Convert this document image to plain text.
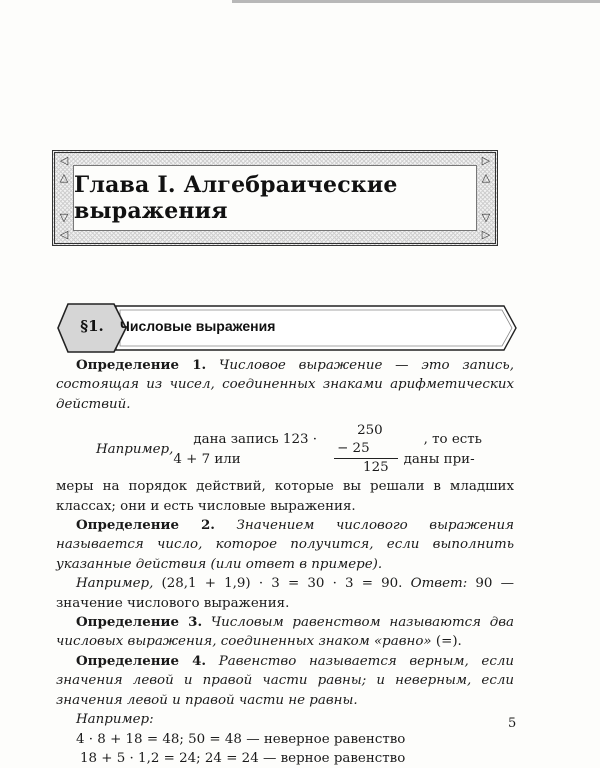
◁
△
▷
△
▽
◁
▽
▷
Глава I. Алгебраические выражения
§1.	Числовые выражения

Определение 1. Числовое выражение — это запись, состоящая из чисел, соединенных знаками арифметических действий.

Например,
дана запись 123 · 4 + 7 или	$\frac{250 - 25}{125}$	, то есть даны при-

меры на порядок действий, которые вы решали в младших классах; они и есть числовые выражения.

Определение 2. Значением числового выражения называется число, которое получится, если выполнить указанные действия (или ответ в примере).

Например, (28,1 + 1,9) · 3 = 30 · 3 = 90. Ответ: 90 — значение числового выражения.

Определение 3. Числовым равенством называются два числовых выражения, соединенных знаком «равно» (=).

Определение 4. Равенство называется верным, если значения левой и правой части равны; и неверным, если значения левой и правой части не равны.

Например:

4 · 8 + 18 = 48; 50 = 48 — неверное равенство

18 + 5 · 1,2 = 24; 24 = 24 — верное равенство

5
